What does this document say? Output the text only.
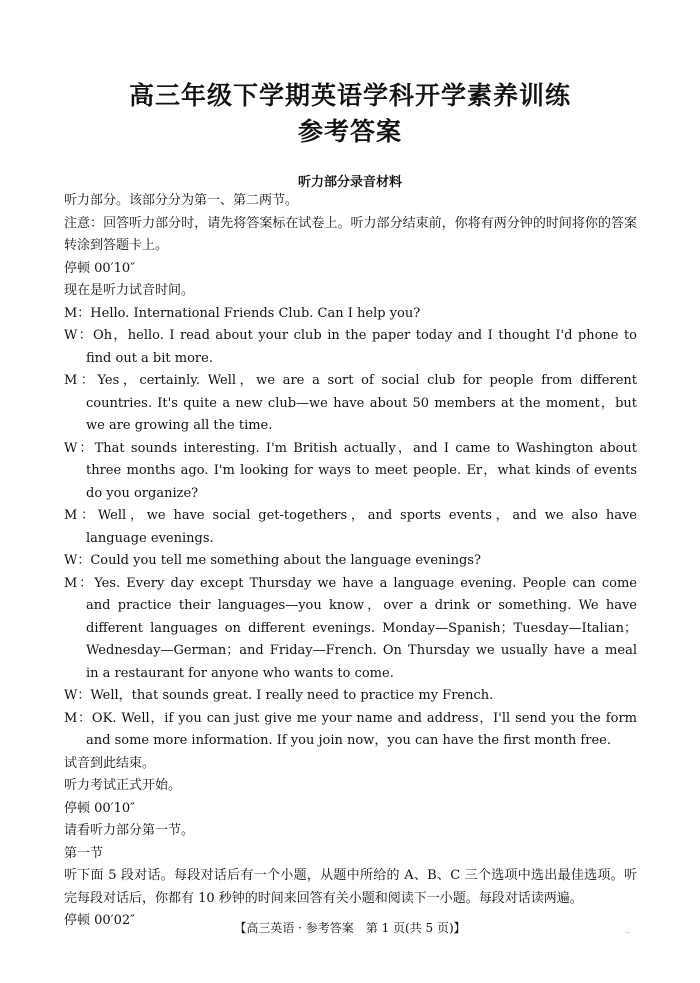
高三年级下学期英语学科开学素养训练
参考答案
听力部分录音材料

听力部分。该部分分为第一、第二两节。

注意：回答听力部分时，请先将答案标在试卷上。听力部分结束前，你将有两分钟的时间将你的答案转涂到答题卡上。

停顿 00′10″

现在是听力试音时间。

M：Hello. International Friends Club. Can I help you?

W：Oh，hello. I read about your club in the paper today and I thought I'd phone to find out a bit more.

M：Yes，certainly. Well，we are a sort of social club for people from different countries. It's quite a new club—we have about 50 members at the moment，but we are growing all the time.

W：That sounds interesting. I'm British actually，and I came to Washington about three months ago. I'm looking for ways to meet people. Er，what kinds of events do you organize?

M：Well，we have social get-togethers，and sports events，and we also have language evenings.

W：Could you tell me something about the language evenings?

M：Yes. Every day except Thursday we have a language evening. People can come and practice their languages—you know，over a drink or something. We have different languages on different evenings. Monday—Spanish；Tuesday—Italian；Wednesday—German；and Friday—French. On Thursday we usually have a meal in a restaurant for anyone who wants to come.

W：Well，that sounds great. I really need to practice my French.

M：OK. Well，if you can just give me your name and address，I'll send you the form and some more information. If you join now，you can have the first month free.

试音到此结束。

听力考试正式开始。

停顿 00′10″

请看听力部分第一节。

第一节

听下面 5 段对话。每段对话后有一个小题，从题中所给的 A、B、C 三个选项中选出最佳选项。听完每段对话后，你都有 10 秒钟的时间来回答有关小题和阅读下一小题。每段对话读两遍。

停顿 00′02″	【高三英语 · 参考答案　第 1 页(共 5 页)】	..
